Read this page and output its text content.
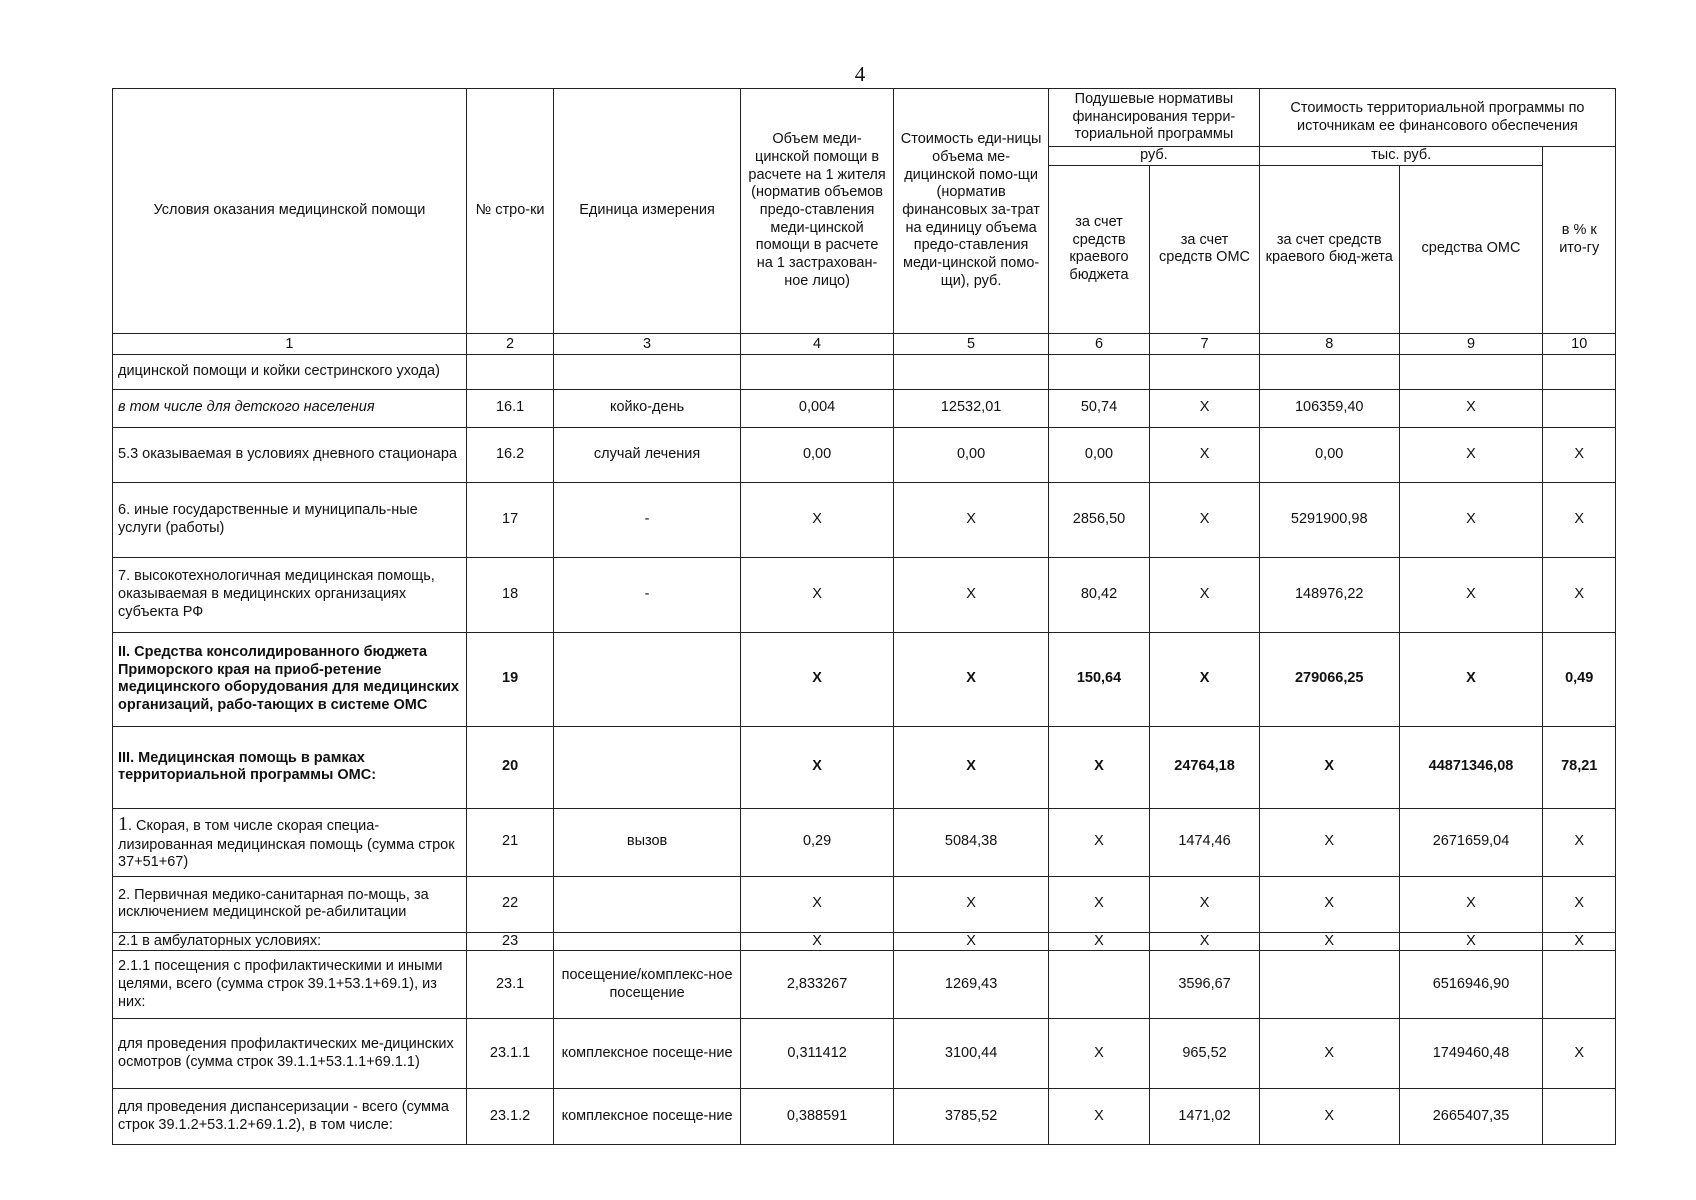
4
Условия оказания медицинской помощи	№ стро-ки	Единица измерения	Объем меди-цинской помощи в расчете на 1 жителя (норматив объемов предо-ставления меди-цинской помощи в расчете на 1 застрахован-ное лицо)	Стоимость еди-ницы объема ме-дицинской помо-щи (норматив финансовых за-трат на единицу объема предо-ставления меди-цинской помо-щи), руб.	Подушевые нормативы финансирования терри-ториальной программы		Стоимость территориальной программы по источникам ее финансового обеспечения		
					руб.		тыс. руб.		в % к ито-гу
					за счет средств краевого бюджета	за счет средств ОМС	за счет средств краевого бюд-жета	средства ОМС	
1	2	3	4	5	6	7	8	9	10
дицинской помощи и койки сестринского ухода)									
в том числе для детского населения	16.1	койко-день	0,004	12532,01	50,74	X	106359,40	X	
5.3 оказываемая в условиях дневного стационара	16.2	случай лечения	0,00	0,00	0,00	X	0,00	X	X
6. иные государственные и муниципаль-ные услуги (работы)	17	-	X	X	2856,50	X	5291900,98	X	X
7. высокотехнологичная медицинская помощь, оказываемая в медицинских организациях субъекта РФ	18	-	X	X	80,42	X	148976,22	X	X
II. Средства консолидированного бюджета Приморского края на приоб-ретение медицинского оборудования для медицинских организаций, рабо-тающих в системе ОМС	19		X	X	150,64	X	279066,25	X	0,49
III. Медицинская помощь в рамках территориальной программы ОМС:	20		X	X	X	24764,18	X	44871346,08	78,21
1. Скорая, в том числе скорая специа-лизированная медицинская помощь (сумма строк 37+51+67)	21	вызов	0,29	5084,38	X	1474,46	X	2671659,04	X
2. Первичная медико-санитарная по-мощь, за исключением медицинской ре-абилитации	22		X	X	X	X	X	X	X
2.1 в амбулаторных условиях:	23		X	X	X	X	X	X	X
2.1.1 посещения с профилактическими и иными целями, всего (сумма строк 39.1+53.1+69.1), из них:	23.1	посещение/комплекс-ное посещение	2,833267	1269,43		3596,67		6516946,90	
для проведения профилактических ме-дицинских осмотров (сумма строк 39.1.1+53.1.1+69.1.1)	23.1.1	комплексное посеще-ние	0,311412	3100,44	X	965,52	X	1749460,48	X
для проведения диспансеризации - всего (сумма строк 39.1.2+53.1.2+69.1.2), в том числе:	23.1.2	комплексное посеще-ние	0,388591	3785,52	X	1471,02	X	2665407,35	
